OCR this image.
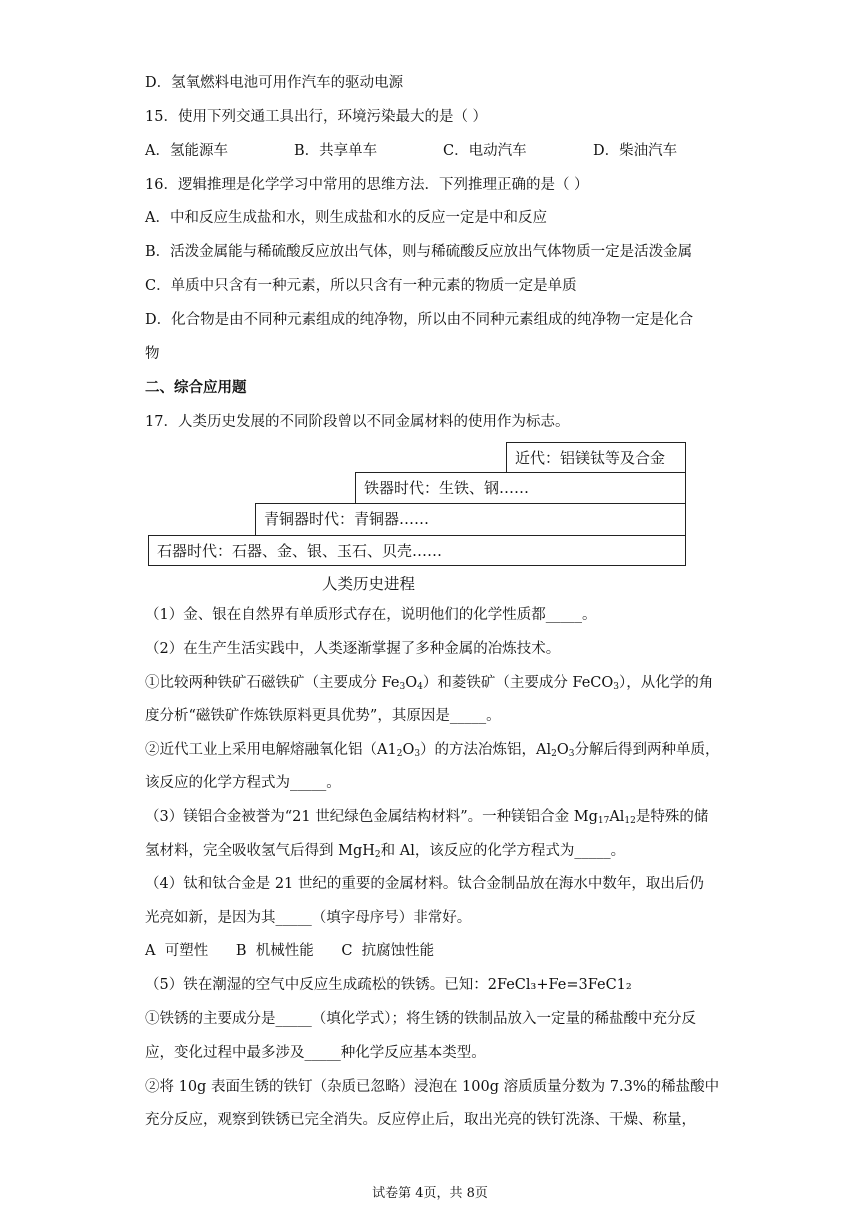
D．氢氧燃料电池可用作汽车的驱动电源
15．使用下列交通工具出行，环境污染最大的是（ ）
A．氢能源车	B．共享单车	C．电动汽车	D．柴油汽车
16．逻辑推理是化学学习中常用的思维方法．下列推理正确的是（ ）
A．中和反应生成盐和水，则生成盐和水的反应一定是中和反应
B．活泼金属能与稀硫酸反应放出气体，则与稀硫酸反应放出气体物质一定是活泼金属
C．单质中只含有一种元素，所以只含有一种元素的物质一定是单质
D．化合物是由不同种元素组成的纯净物，所以由不同种元素组成的纯净物一定是化合
物
二、综合应用题
17．人类历史发展的不同阶段曾以不同金属材料的使用作为标志。
近代：铝镁钛等及合金
铁器时代：生铁、钢……
青铜器时代：青铜器……
石器时代：石器、金、银、玉石、贝壳……
人类历史进程
（1）金、银在自然界有单质形式存在，说明他们的化学性质都_____。
（2）在生产生活实践中，人类逐渐掌握了多种金属的冶炼技术。
①比较两种铁矿石磁铁矿（主要成分 $Fe_3O_4$）和菱铁矿（主要成分 FeCO$_3$），从化学的角
度分析“磁铁矿作炼铁原料更具优势”，其原因是_____。
②近代工业上采用电解熔融氧化铝$(A1_2O_3)$的方法冶炼铝，$Al_2O_3$分解后得到两种单质，
该反应的化学方程式为_____。
（3）镁铝合金被誉为“21 世纪绿色金属结构材料”。一种镁铝合金 $Mg_{17}Al_{12}$是特殊的储
氢材料，完全吸收氢气后得到 MgH$_2$和 Al，该反应的化学方程式为_____。
（4）钛和钛合金是 21 世纪的重要的金属材料。钛合金制品放在海水中数年，取出后仍
光亮如新，是因为其_____（填字母序号）非常好。
A  可塑性      B  机械性能      C  抗腐蚀性能
（5）铁在潮湿的空气中反应生成疏松的铁锈。已知：2FeCl₃+Fe=3FeC1₂
①铁锈的主要成分是_____（填化学式）；将生锈的铁制品放入一定量的稀盐酸中充分反
应，变化过程中最多涉及_____种化学反应基本类型。
②将 10g 表面生锈的铁钉（杂质已忽略）浸泡在 100g 溶质质量分数为 7.3%的稀盐酸中
充分反应，观察到铁锈已完全消失。反应停止后，取出光亮的铁钉洗涤、干燥、称量，
试卷第 4页，共 8页
